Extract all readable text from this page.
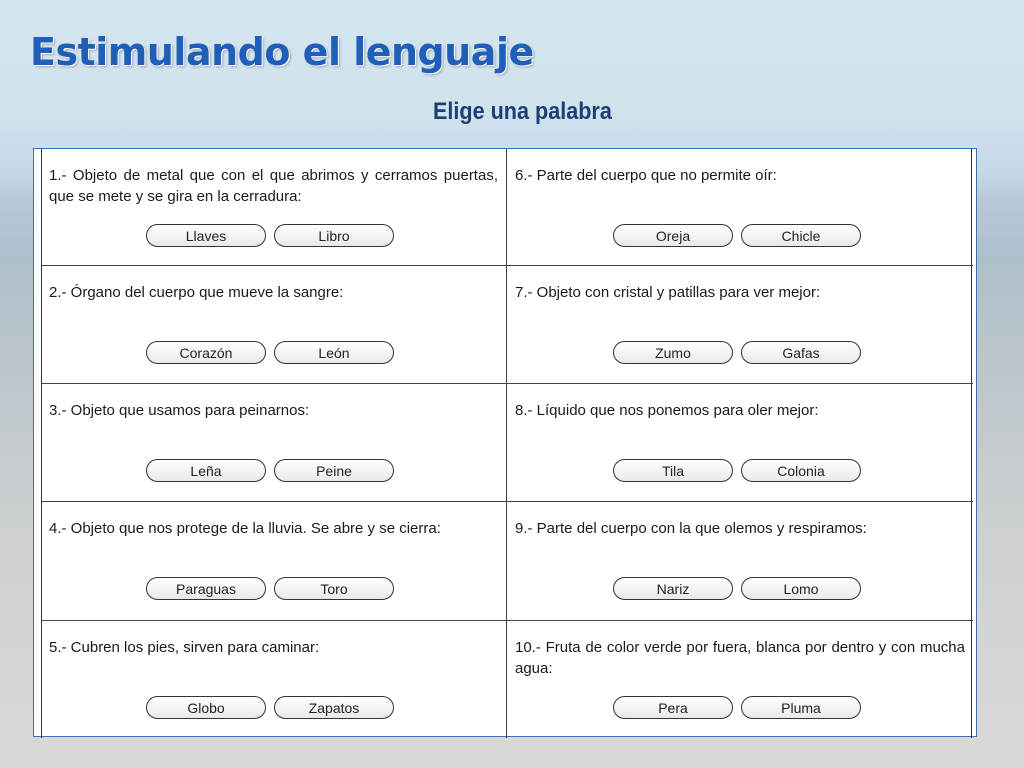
Estimulando el lenguaje
Elige una palabra

1.- Objeto de metal que con el que abrimos y cerramos puertas, que se mete y se gira en la cerradura:

Llaves	Libro

6.- Parte del cuerpo que no permite oír:

Oreja	Chicle

2.- Órgano del cuerpo que mueve la sangre:

Corazón	León

7.- Objeto con cristal y patillas para ver mejor:

Zumo	Gafas

3.- Objeto que usamos para peinarnos:

Leña	Peine

8.- Líquido que nos ponemos para oler mejor:

Tila	Colonia

4.- Objeto que nos protege de la lluvia. Se abre y se cierra:

Paraguas	Toro

9.- Parte del cuerpo con la que olemos y respiramos:

Nariz	Lomo

5.- Cubren los pies, sirven para caminar:

Globo	Zapatos

10.- Fruta de color verde por fuera, blanca por dentro y con mucha agua:

Pera	Pluma
